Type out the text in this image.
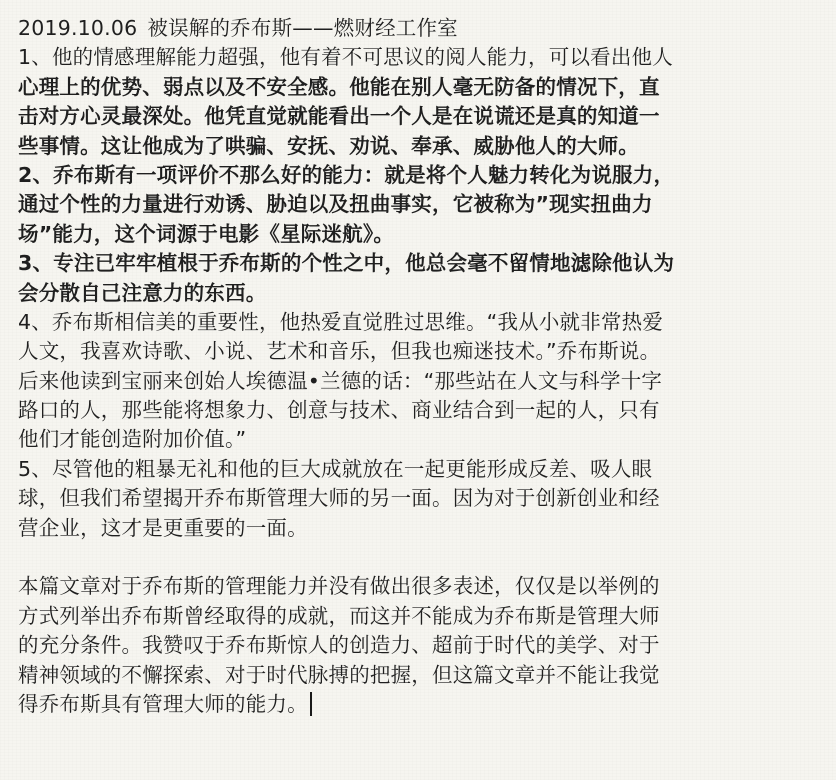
2019.10.06 被误解的乔布斯——燃财经工作室
1、他的情感理解能力超强，他有着不可思议的阅人能力，可以看出他人
心理上的优势、弱点以及不安全感。他能在别人毫无防备的情况下，直
击对方心灵最深处。他凭直觉就能看出一个人是在说谎还是真的知道一
些事情。这让他成为了哄骗、安抚、劝说、奉承、威胁他人的大师。
2、乔布斯有一项评价不那么好的能力：就是将个人魅力转化为说服力，
通过个性的力量进行劝诱、胁迫以及扭曲事实，它被称为”现实扭曲力
场”能力，这个词源于电影《星际迷航》。
3、专注已牢牢植根于乔布斯的个性之中，他总会毫不留情地滤除他认为
会分散自己注意力的东西。
4、乔布斯相信美的重要性，他热爱直觉胜过思维。“我从小就非常热爱
人文，我喜欢诗歌、小说、艺术和音乐，但我也痴迷技术。”乔布斯说。
后来他读到宝丽来创始人埃德温•兰德的话：“那些站在人文与科学十字
路口的人，那些能将想象力、创意与技术、商业结合到一起的人，只有
他们才能创造附加价值。”
5、尽管他的粗暴无礼和他的巨大成就放在一起更能形成反差、吸人眼
球，但我们希望揭开乔布斯管理大师的另一面。因为对于创新创业和经
营企业，这才是更重要的一面。
本篇文章对于乔布斯的管理能力并没有做出很多表述，仅仅是以举例的
方式列举出乔布斯曾经取得的成就，而这并不能成为乔布斯是管理大师
的充分条件。我赞叹于乔布斯惊人的创造力、超前于时代的美学、对于
精神领域的不懈探索、对于时代脉搏的把握，但这篇文章并不能让我觉
得乔布斯具有管理大师的能力。
